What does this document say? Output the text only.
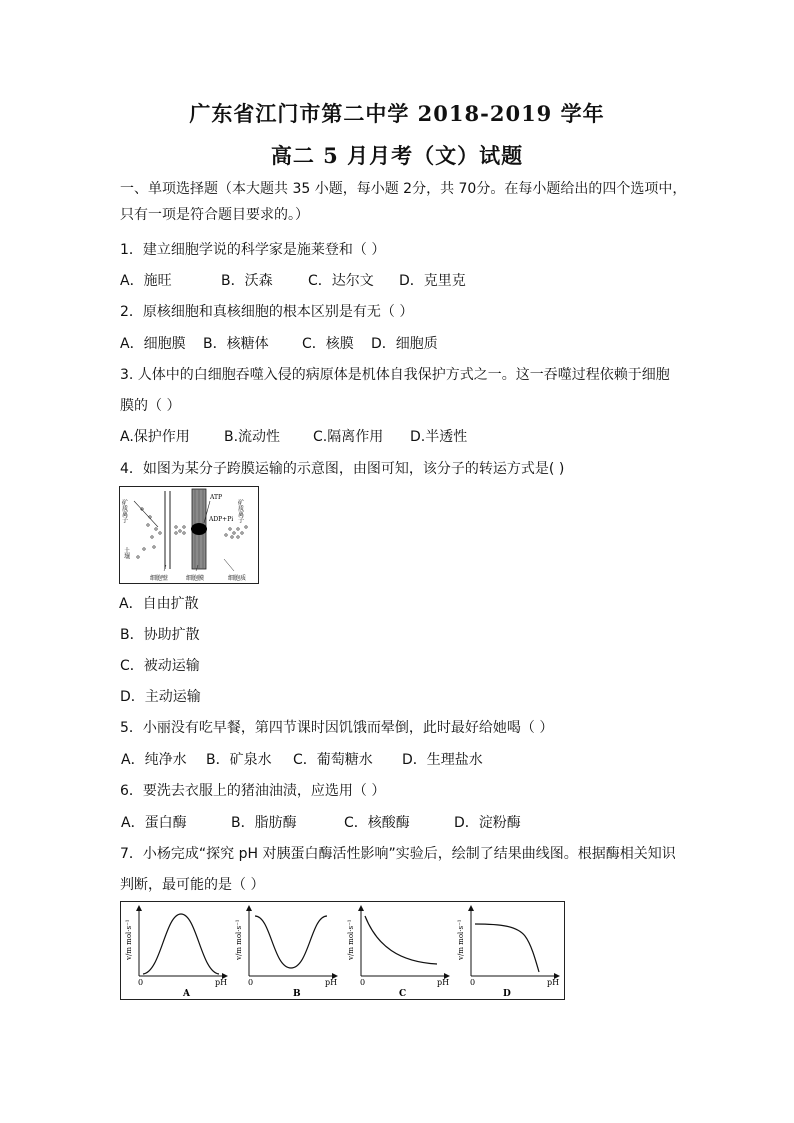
广东省江门市第二中学 2018-2019 学年
高二 5 月月考（文）试题
一、单项选择题（本大题共 35 小题，每小题 2分，共 70分。在每小题给出的四个选项中，
只有一项是符合题目要求的。）
1．建立细胞学说的科学家是施莱登和（ ）
A．施旺	B．沃森	C．达尔文 D．克里克
2．原核细胞和真核细胞的根本区别是有无（ ）
A．细胞膜 B．核糖体 C．核膜 D．细胞质
3. 人体中的白细胞吞噬入侵的病原体是机体自我保护方式之一。这一吞噬过程依赖于细胞
膜的（ ）
A.保护作用 B.流动性 C.隔离作用 D.半透性
4．如图为某分子跨膜运输的示意图，由图可知，该分子的转运方式是( )
矿质离子
土壤
ATP
ADP+Pi 矿质离子
细胞壁	细胞膜	细胞质
A．自由扩散
B．协助扩散
C．被动运输
D．主动运输
5．小丽没有吃早餐，第四节课时因饥饿而晕倒，此时最好给她喝（ ）
A．纯净水 B．矿泉水 C．葡萄糖水 D．生理盐水
6．要洗去衣服上的猪油油渍，应选用（ ）
A．蛋白酶	B．脂肪酶	C．核酸酶	D．淀粉酶
7．小杨完成“探究 pH 对胰蛋白酶活性影响”实验后，绘制了结果曲线图。根据酶相关知识
判断，最可能的是（ ）
v/m mol·s⁻¹
0	pH
A
v/m mol·s⁻¹
0	pH
B
v/m mol·s⁻¹
0	pH
C
v/m mol·s⁻¹
0	pH
D
